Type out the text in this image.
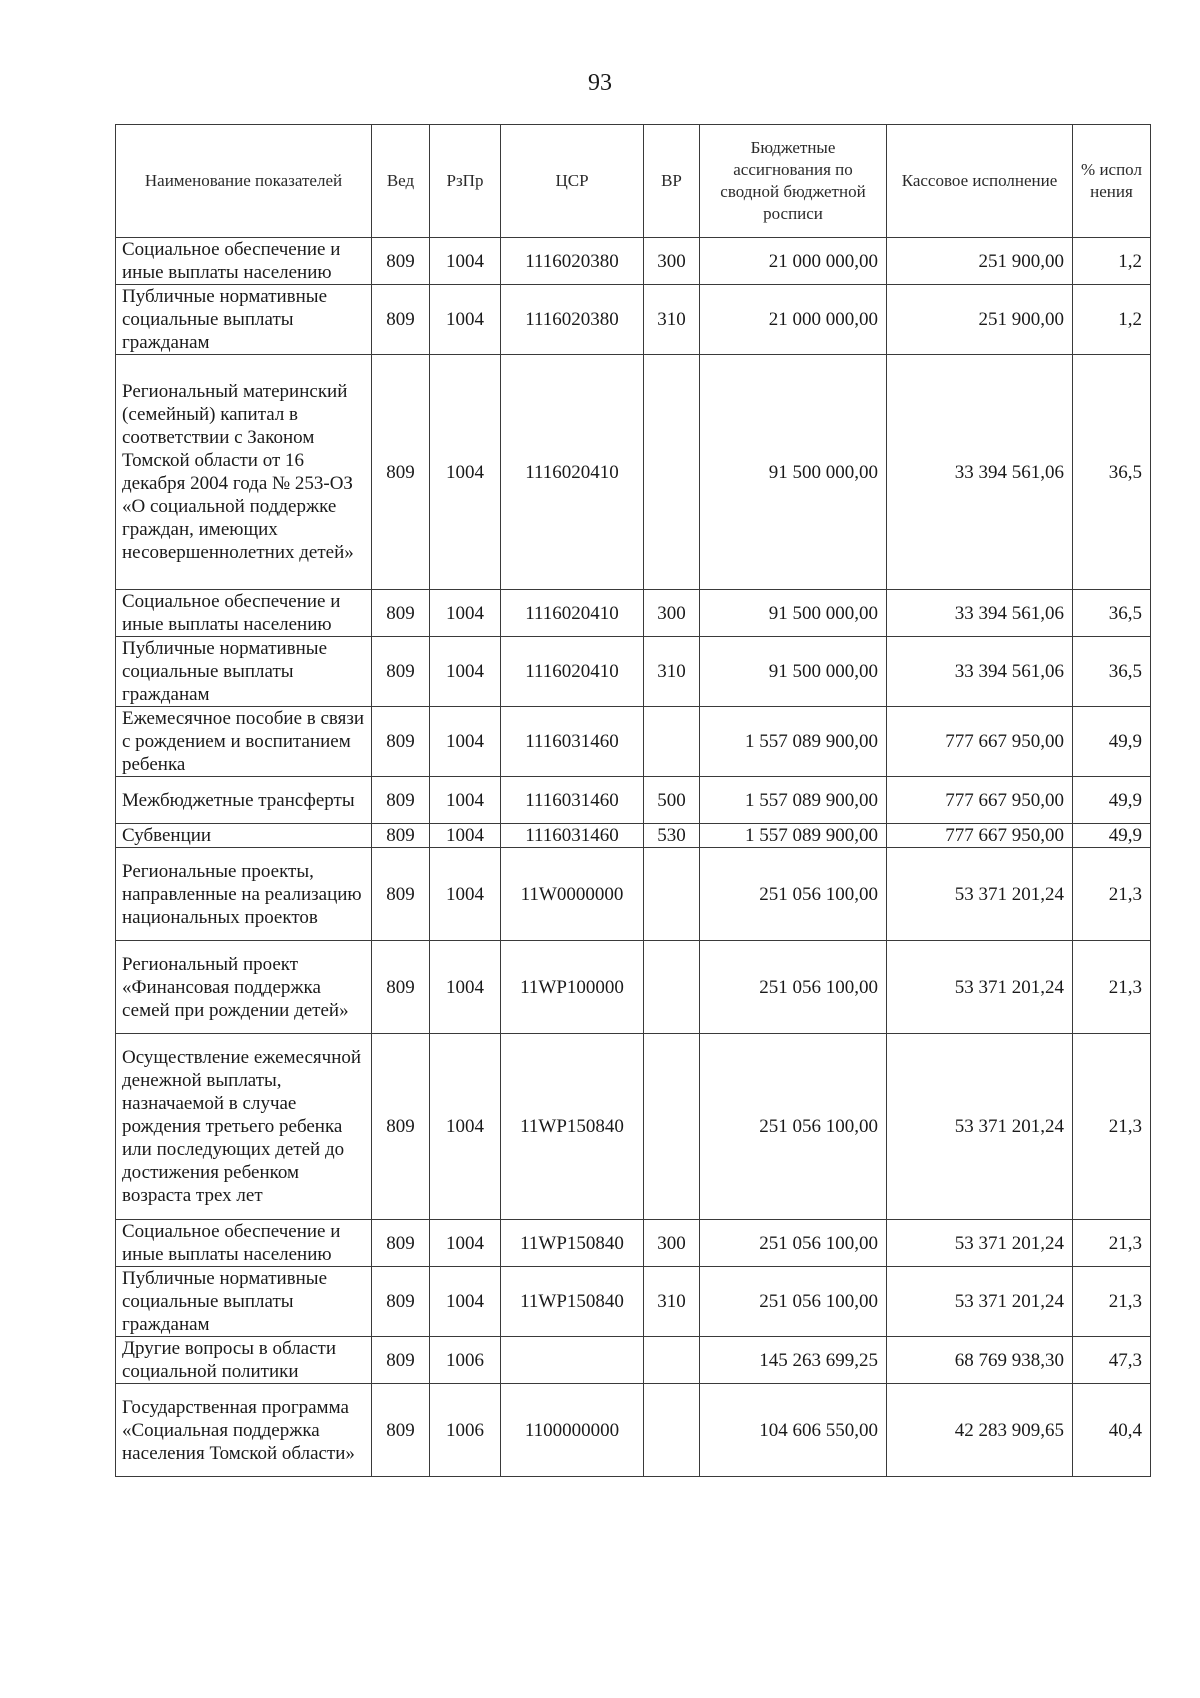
93
Наименование показателей	Вед	РзПр	ЦСР	ВР	Бюджетные ассигнования по сводной бюджетной росписи	Кассовое исполнение	% испол нения
Социальное обеспечение и иные выплаты населению	809	1004	1116020380	300	21 000 000,00	251 900,00	1,2
Публичные нормативные социальные выплаты гражданам	809	1004	1116020380	310	21 000 000,00	251 900,00	1,2
Региональный материнский (семейный) капитал в соответствии с Законом Томской области от 16 декабря 2004 года № 253-ОЗ «О социальной поддержке граждан, имеющих несовершеннолетних детей»	809	1004	1116020410		91 500 000,00	33 394 561,06	36,5
Социальное обеспечение и иные выплаты населению	809	1004	1116020410	300	91 500 000,00	33 394 561,06	36,5
Публичные нормативные социальные выплаты гражданам	809	1004	1116020410	310	91 500 000,00	33 394 561,06	36,5
Ежемесячное пособие в связи с рождением и воспитанием ребенка	809	1004	1116031460		1 557 089 900,00	777 667 950,00	49,9
Межбюджетные трансферты	809	1004	1116031460	500	1 557 089 900,00	777 667 950,00	49,9
Субвенции	809	1004	1116031460	530	1 557 089 900,00	777 667 950,00	49,9
Региональные проекты, направленные на реализацию национальных проектов	809	1004	11W0000000		251 056 100,00	53 371 201,24	21,3
Региональный проект «Финансовая поддержка семей при рождении детей»	809	1004	11WP100000		251 056 100,00	53 371 201,24	21,3
Осуществление ежемесячной денежной выплаты, назначаемой в случае рождения третьего ребенка или последующих детей до достижения ребенком возраста трех лет	809	1004	11WP150840		251 056 100,00	53 371 201,24	21,3
Социальное обеспечение и иные выплаты населению	809	1004	11WP150840	300	251 056 100,00	53 371 201,24	21,3
Публичные нормативные социальные выплаты гражданам	809	1004	11WP150840	310	251 056 100,00	53 371 201,24	21,3
Другие вопросы в области социальной политики	809	1006			145 263 699,25	68 769 938,30	47,3
Государственная программа «Социальная поддержка населения Томской области»	809	1006	1100000000		104 606 550,00	42 283 909,65	40,4
